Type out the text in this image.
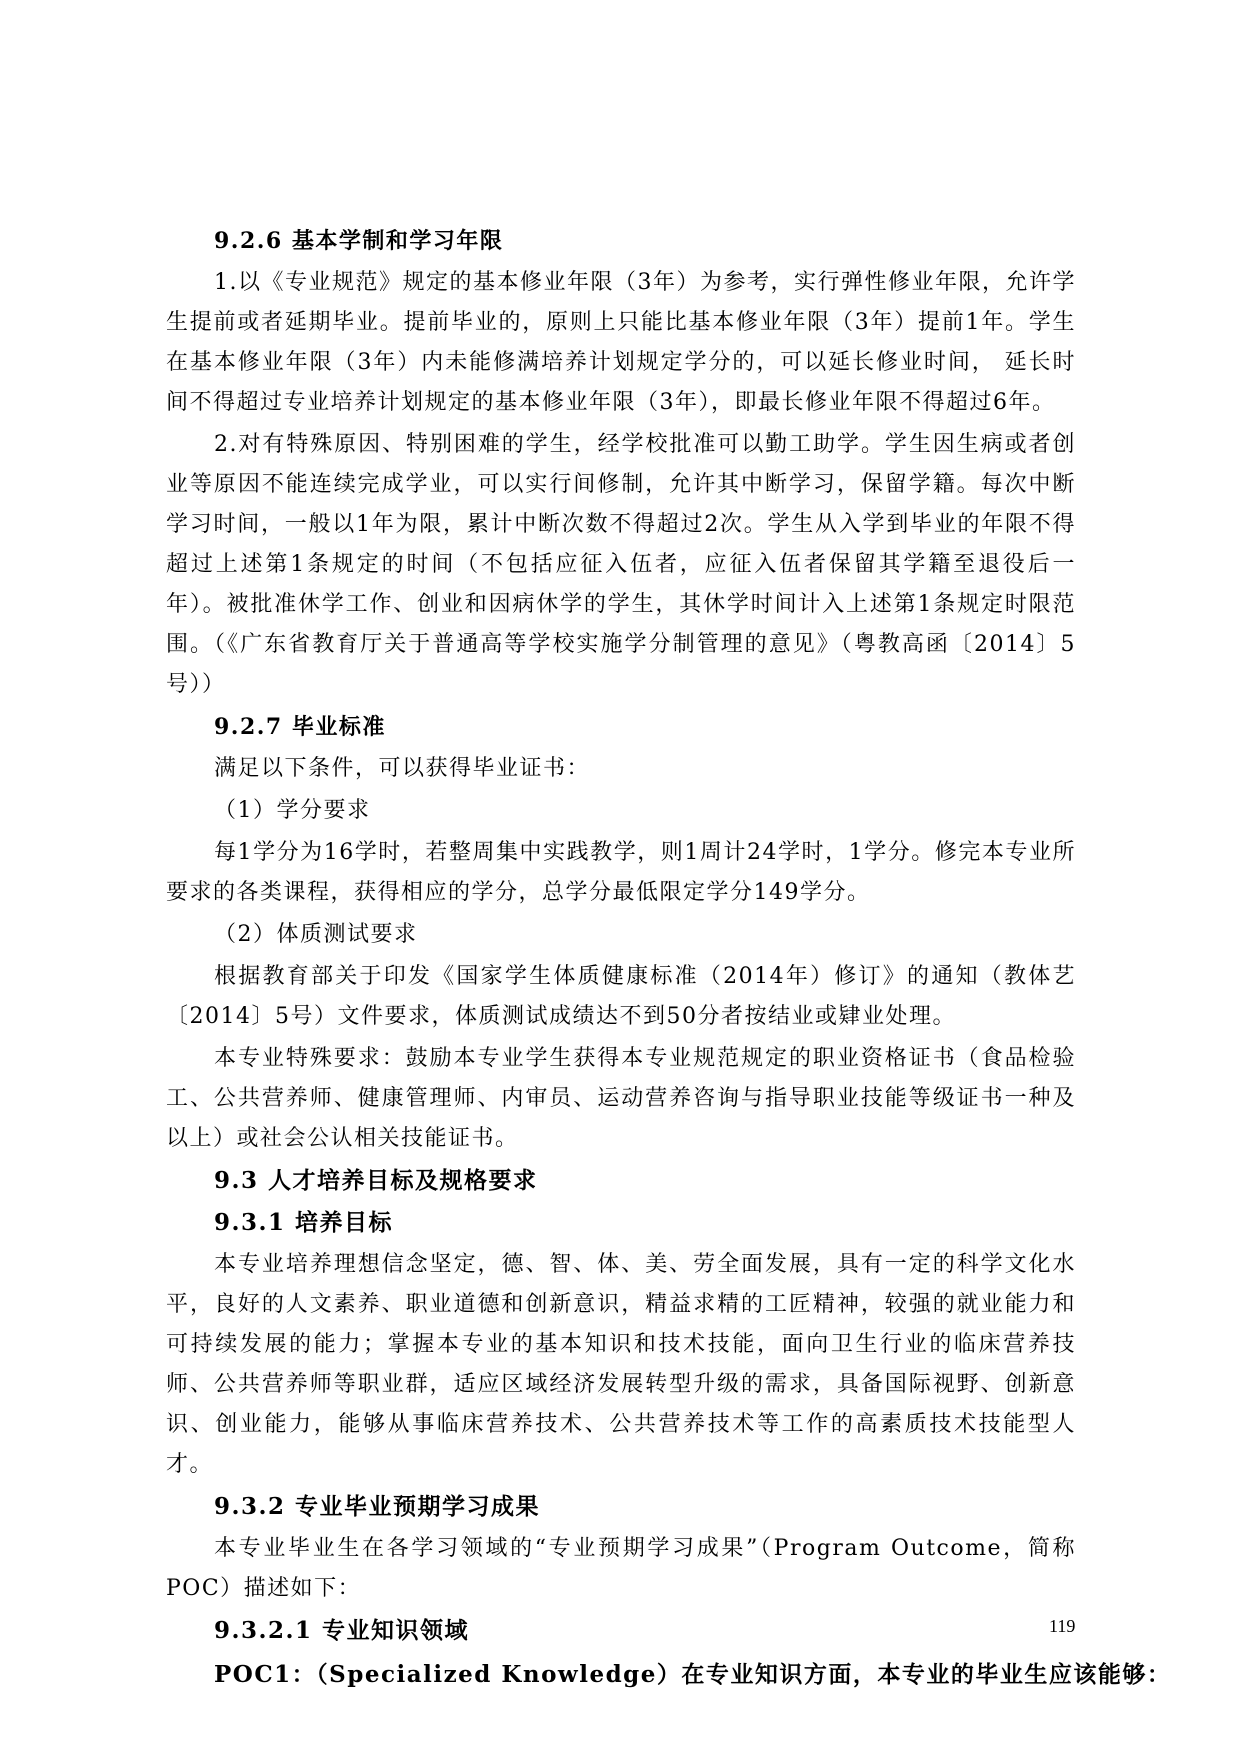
9.2.6 基本学制和学习年限
1.以《专业规范》规定的基本修业年限（3年）为参考，实行弹性修业年限，允许学生提前或者延期毕业。提前毕业的，原则上只能比基本修业年限（3年）提前1年。学生在基本修业年限（3年）内未能修满培养计划规定学分的，可以延长修业时间， 延长时间不得超过专业培养计划规定的基本修业年限（3年），即最长修业年限不得超过6年。
2.对有特殊原因、特别困难的学生，经学校批准可以勤工助学。学生因生病或者创业等原因不能连续完成学业，可以实行间修制，允许其中断学习，保留学籍。每次中断学习时间，一般以1年为限，累计中断次数不得超过2次。学生从入学到毕业的年限不得超过上述第1条规定的时间（不包括应征入伍者，应征入伍者保留其学籍至退役后一年）。被批准休学工作、创业和因病休学的学生，其休学时间计入上述第1条规定时限范围。（《广东省教育厅关于普通高等学校实施学分制管理的意见》（粤教高函〔2014〕5号））
9.2.7 毕业标准
满足以下条件，可以获得毕业证书：
（1）学分要求
每1学分为16学时，若整周集中实践教学，则1周计24学时，1学分。修完本专业所要求的各类课程，获得相应的学分，总学分最低限定学分149学分。
（2）体质测试要求
根据教育部关于印发《国家学生体质健康标准（2014年）修订》的通知（教体艺〔2014〕5号）文件要求，体质测试成绩达不到50分者按结业或肄业处理。
本专业特殊要求：鼓励本专业学生获得本专业规范规定的职业资格证书（食品检验工、公共营养师、健康管理师、内审员、运动营养咨询与指导职业技能等级证书一种及以上）或社会公认相关技能证书。
9.3 人才培养目标及规格要求
9.3.1 培养目标
本专业培养理想信念坚定，德、智、体、美、劳全面发展，具有一定的科学文化水平，良好的人文素养、职业道德和创新意识，精益求精的工匠精神，较强的就业能力和可持续发展的能力；掌握本专业的基本知识和技术技能，面向卫生行业的临床营养技师、公共营养师等职业群，适应区域经济发展转型升级的需求，具备国际视野、创新意识、创业能力，能够从事临床营养技术、公共营养技术等工作的高素质技术技能型人才。
9.3.2 专业毕业预期学习成果
本专业毕业生在各学习领域的“专业预期学习成果”（Program Outcome，简称POC）描述如下：
9.3.2.1 专业知识领域
POC1：（Specialized Knowledge）在专业知识方面，本专业的毕业生应该能够：
119
